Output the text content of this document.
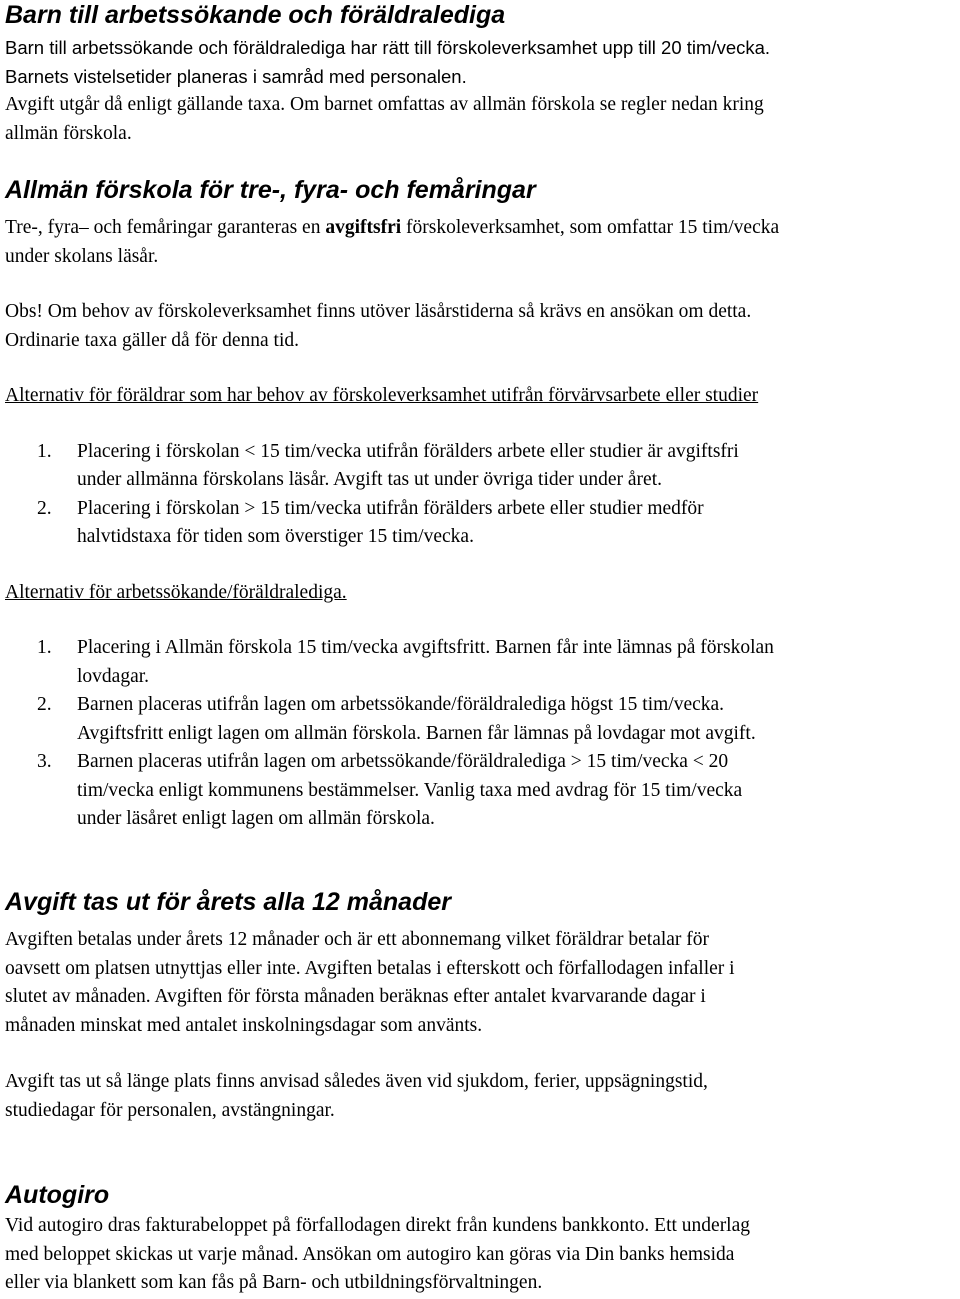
Barn till arbetssökande och föräldralediga
Barn till arbetssökande och föräldralediga har rätt till förskoleverksamhet upp till 20 tim/vecka.
Barnets vistelsetider planeras i samråd med personalen.
Avgift utgår då enligt gällande taxa. Om barnet omfattas av allmän förskola se regler nedan kring
allmän förskola.
Allmän förskola för tre-, fyra- och femåringar
Tre-, fyra– och femåringar garanteras en avgiftsfri förskoleverksamhet, som omfattar 15 tim/vecka
under skolans läsår.
Obs! Om behov av förskoleverksamhet finns utöver läsårstiderna så krävs en ansökan om detta.
Ordinarie taxa gäller då för denna tid.
Alternativ för föräldrar som har behov av förskoleverksamhet utifrån förvärvsarbete eller studier
1. Placering i förskolan < 15 tim/vecka utifrån förälders arbete eller studier är avgiftsfri
under allmänna förskolans läsår. Avgift tas ut under övriga tider under året.
2. Placering i förskolan > 15 tim/vecka utifrån förälders arbete eller studier medför
halvtidstaxa för tiden som överstiger 15 tim/vecka.
Alternativ för arbetssökande/föräldralediga.
1. Placering i Allmän förskola 15 tim/vecka avgiftsfritt. Barnen får inte lämnas på förskolan
lovdagar.
2. Barnen placeras utifrån lagen om arbetssökande/föräldralediga högst 15 tim/vecka.
Avgiftsfritt enligt lagen om allmän förskola. Barnen får lämnas på lovdagar mot avgift.
3. Barnen placeras utifrån lagen om arbetssökande/föräldralediga > 15 tim/vecka < 20
tim/vecka enligt kommunens bestämmelser. Vanlig taxa med avdrag för 15 tim/vecka
under läsåret enligt lagen om allmän förskola.
Avgift tas ut för årets alla 12 månader
Avgiften betalas under årets 12 månader och är ett abonnemang vilket föräldrar betalar för
oavsett om platsen utnyttjas eller inte. Avgiften betalas i efterskott och förfallodagen infaller i
slutet av månaden. Avgiften för första månaden beräknas efter antalet kvarvarande dagar i
månaden minskat med antalet inskolningsdagar som använts.
Avgift tas ut så länge plats finns anvisad således även vid sjukdom, ferier, uppsägningstid,
studiedagar för personalen, avstängningar.
Autogiro
Vid autogiro dras fakturabeloppet på förfallodagen direkt från kundens bankkonto. Ett underlag
med beloppet skickas ut varje månad. Ansökan om autogiro kan göras via Din banks hemsida
eller via blankett som kan fås på Barn- och utbildningsförvaltningen.
